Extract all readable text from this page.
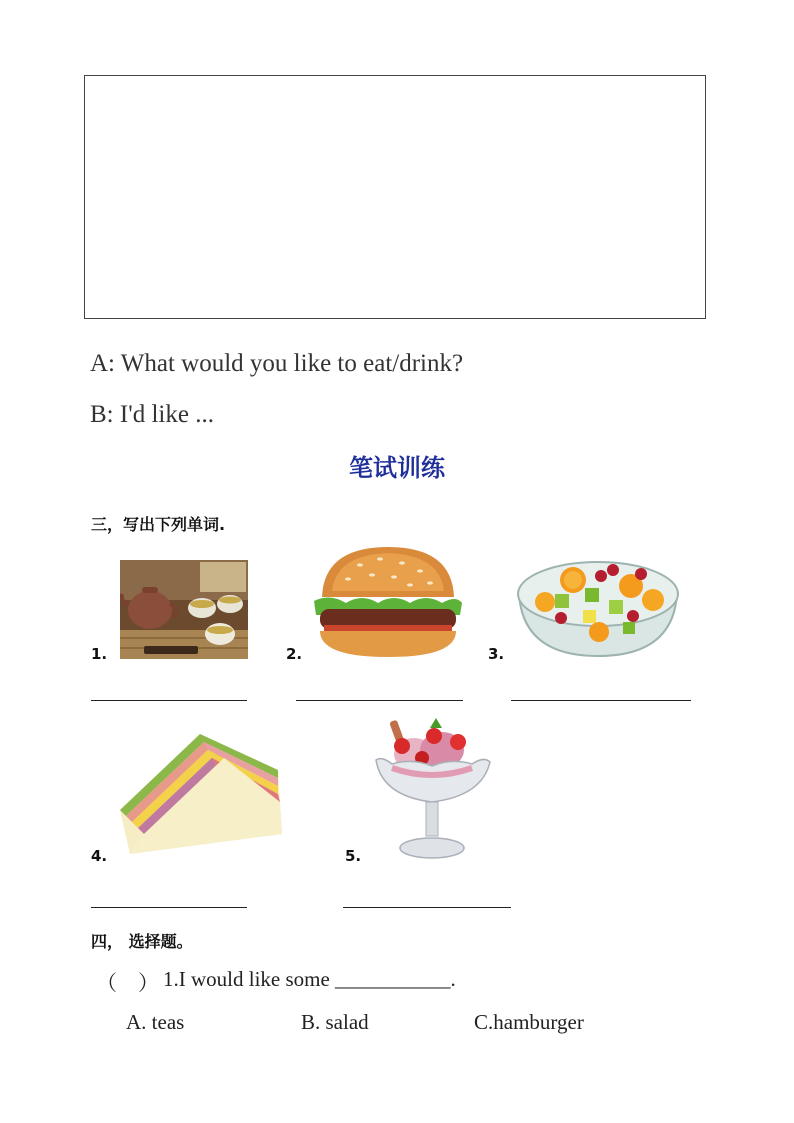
A: What would you like to eat/drink?
B: I'd like ...
笔试训练
三，写出下列单词.
1.	2.	3.
4.	5.
四， 选择题。
（　） 1.I would like some ___________.
A. teas	B. salad	C.hamburger
